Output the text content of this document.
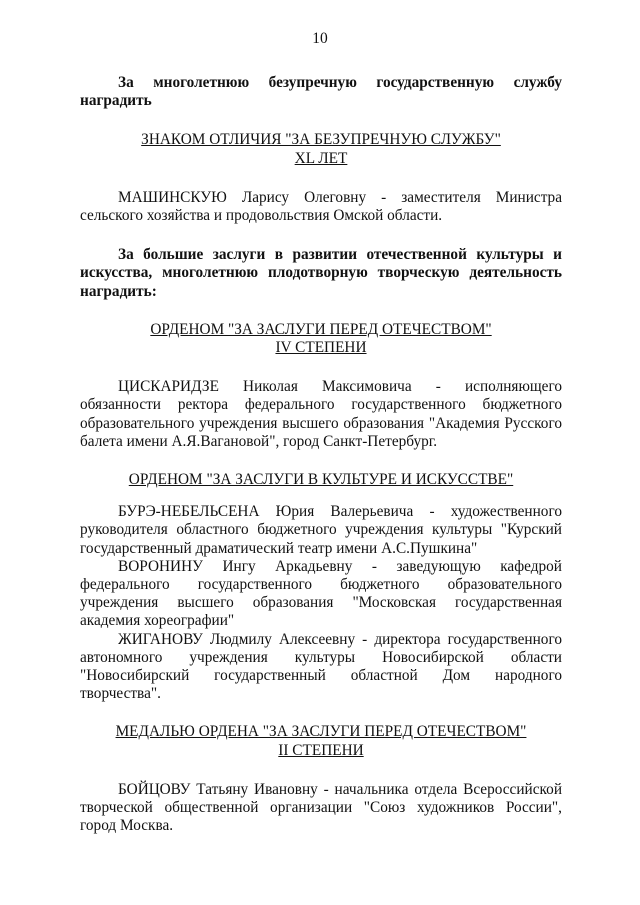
10

За многолетнюю безупречную государственную службу наградить

ЗНАКОМ ОТЛИЧИЯ "ЗА БЕЗУПРЕЧНУЮ СЛУЖБУ"
XL ЛЕТ

МАШИНСКУЮ Ларису Олеговну - заместителя Министра сельского хозяйства и продовольствия Омской области.

За большие заслуги в развитии отечественной культуры и искусства, многолетнюю плодотворную творческую деятельность наградить:

ОРДЕНОМ "ЗА ЗАСЛУГИ ПЕРЕД ОТЕЧЕСТВОМ"
IV СТЕПЕНИ

ЦИСКАРИДЗЕ Николая Максимовича - исполняющего обязанности ректора федерального государственного бюджетного образовательного учреждения высшего образования "Академия Русского балета имени А.Я.Вагановой", город Санкт-Петербург.

ОРДЕНОМ "ЗА ЗАСЛУГИ В КУЛЬТУРЕ И ИСКУССТВЕ"

БУРЭ-НЕБЕЛЬСЕНА Юрия Валерьевича - художественного руководителя областного бюджетного учреждения культуры "Курский государственный драматический театр имени А.С.Пушкина"

ВОРОНИНУ Ингу Аркадьевну - заведующую кафедрой федерального государственного бюджетного образовательного учреждения высшего образования "Московская государственная академия хореографии"

ЖИГАНОВУ Людмилу Алексеевну - директора государственного автономного учреждения культуры Новосибирской области "Новосибирский государственный областной Дом народного творчества".

МЕДАЛЬЮ ОРДЕНА "ЗА ЗАСЛУГИ ПЕРЕД ОТЕЧЕСТВОМ"
II СТЕПЕНИ

БОЙЦОВУ Татьяну Ивановну - начальника отдела Всероссийской творческой общественной организации "Союз художников России", город Москва.
